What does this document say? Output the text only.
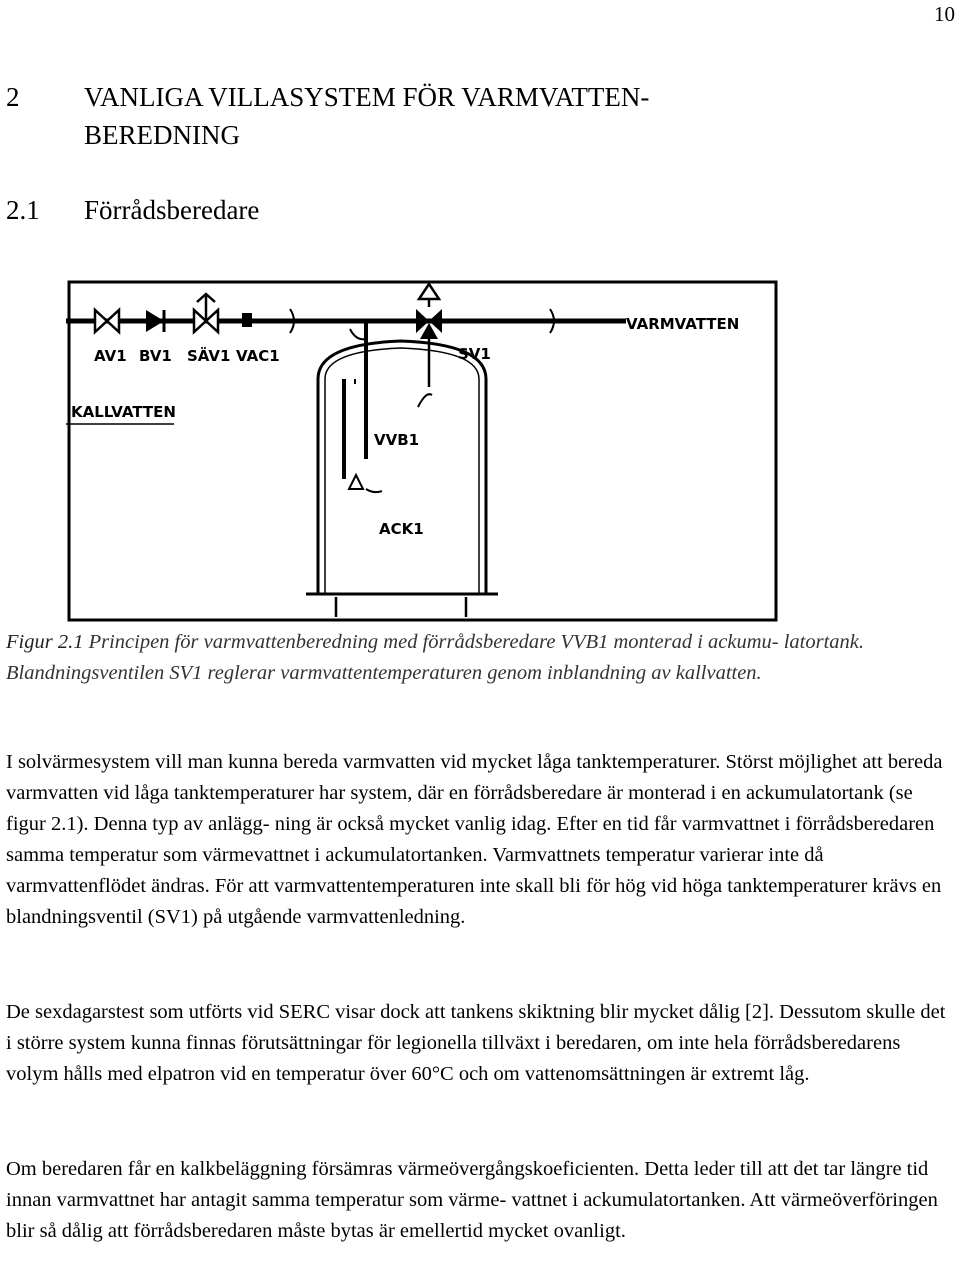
10
2 VANLIGA VILLASYSTEM FÖR VARMVATTEN-
BEREDNING
2.1 Förrådsberedare
AV1 BV1 SÄV1 VAC1	SV1
VARMVATTEN
KALLVATTEN
VVB1
ACK1
Figur 2.1 Principen för varmvattenberedning med förrådsberedare VVB1 monterad i ackumu- latortank. Blandningsventilen SV1 reglerar varmvattentemperaturen genom inblandning av kallvatten.
I solvärmesystem vill man kunna bereda varmvatten vid mycket låga tanktemperaturer. Störst möjlighet att bereda varmvatten vid låga tanktemperaturer har system, där en förrådsberedare är monterad i en ackumulatortank (se figur 2.1). Denna typ av anlägg- ning är också mycket vanlig idag. Efter en tid får varmvattnet i förrådsberedaren samma temperatur som värmevattnet i ackumulatortanken. Varmvattnets temperatur varierar inte då varmvattenflödet ändras. För att varmvattentemperaturen inte skall bli för hög vid höga tanktemperaturer krävs en blandningsventil (SV1) på utgående varmvattenledning.
De sexdagarstest som utförts vid SERC visar dock att tankens skiktning blir mycket dålig [2]. Dessutom skulle det i större system kunna finnas förutsättningar för legionella tillväxt i beredaren, om inte hela förrådsberedarens volym hålls med elpatron vid en temperatur över 60°C och om vattenomsättningen är extremt låg.
Om beredaren får en kalkbeläggning försämras värmeövergångskoeficienten. Detta leder till att det tar längre tid innan varmvattnet har antagit samma temperatur som värme- vattnet i ackumulatortanken. Att värmeöverföringen blir så dålig att förrådsberedaren måste bytas är emellertid mycket ovanligt.
